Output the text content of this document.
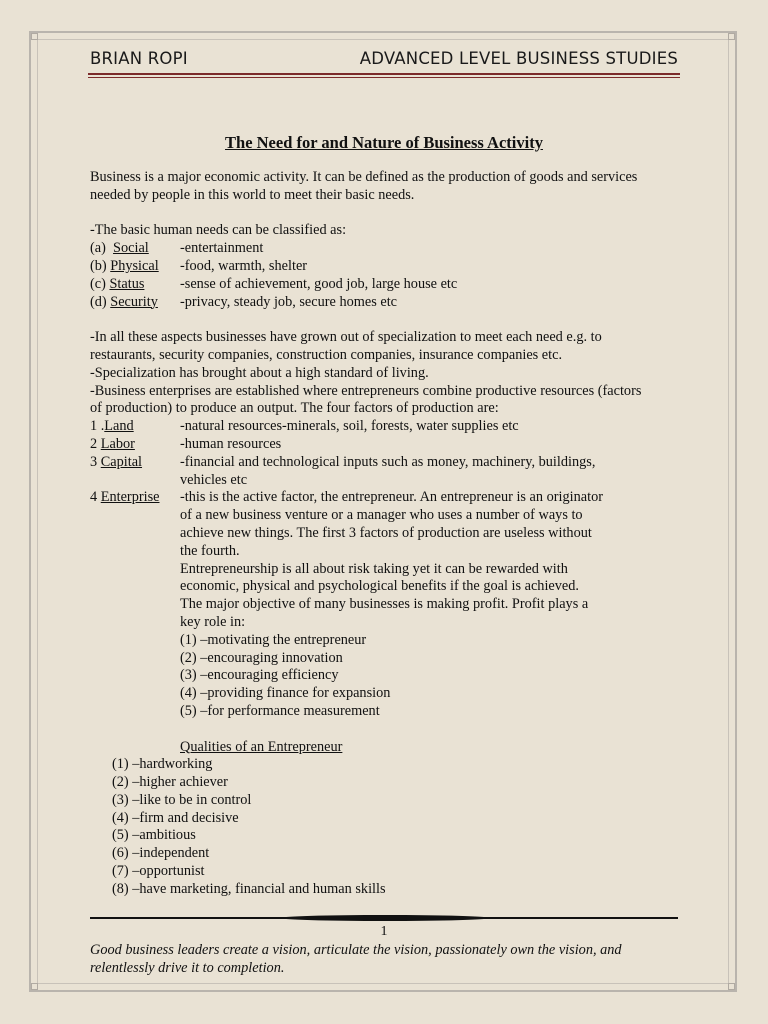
BRIAN ROPI	ADVANCED LEVEL BUSINESS STUDIES
The Need for and Nature of Business Activity
Business is a major economic activity. It can be defined as the production of goods and services
needed by people in this world to meet their basic needs.
-The basic human needs can be classified as:
(a)  Social -entertainment
(b) Physical -food, warmth, shelter
(c) Status -sense of achievement, good job, large house etc
(d) Security -privacy, steady job, secure homes etc
-In all these aspects businesses have grown out of specialization to meet each need e.g. to
restaurants, security companies, construction companies, insurance companies etc.
-Specialization has brought about a high standard of living.
-Business enterprises are established where entrepreneurs combine productive resources (factors
of production) to produce an output. The four factors of production are:
1 .Land	-natural resources-minerals, soil, forests, water supplies etc
2 Labor	-human resources
3 Capital	-financial and technological inputs such as money, machinery, buildings,
vehicles etc
4 Enterprise -this is the active factor, the entrepreneur. An entrepreneur is an originator
of a new business venture or a manager who uses a number of ways to
achieve new things. The first 3 factors of production are useless without
the fourth.
Entrepreneurship is all about risk taking yet it can be rewarded with
economic, physical and psychological benefits if the goal is achieved.
The major objective of many businesses is making profit. Profit plays a
key role in:
(1) –motivating the entrepreneur
(2) –encouraging innovation
(3) –encouraging efficiency
(4) –providing finance for expansion
(5) –for performance measurement
Qualities of an Entrepreneur
(1) –hardworking
(2) –higher achiever
(3) –like to be in control
(4) –firm and decisive
(5) –ambitious
(6) –independent
(7) –opportunist
(8) –have marketing, financial and human skills
1
Good business leaders create a vision, articulate the vision, passionately own the vision, and
relentlessly drive it to completion.
